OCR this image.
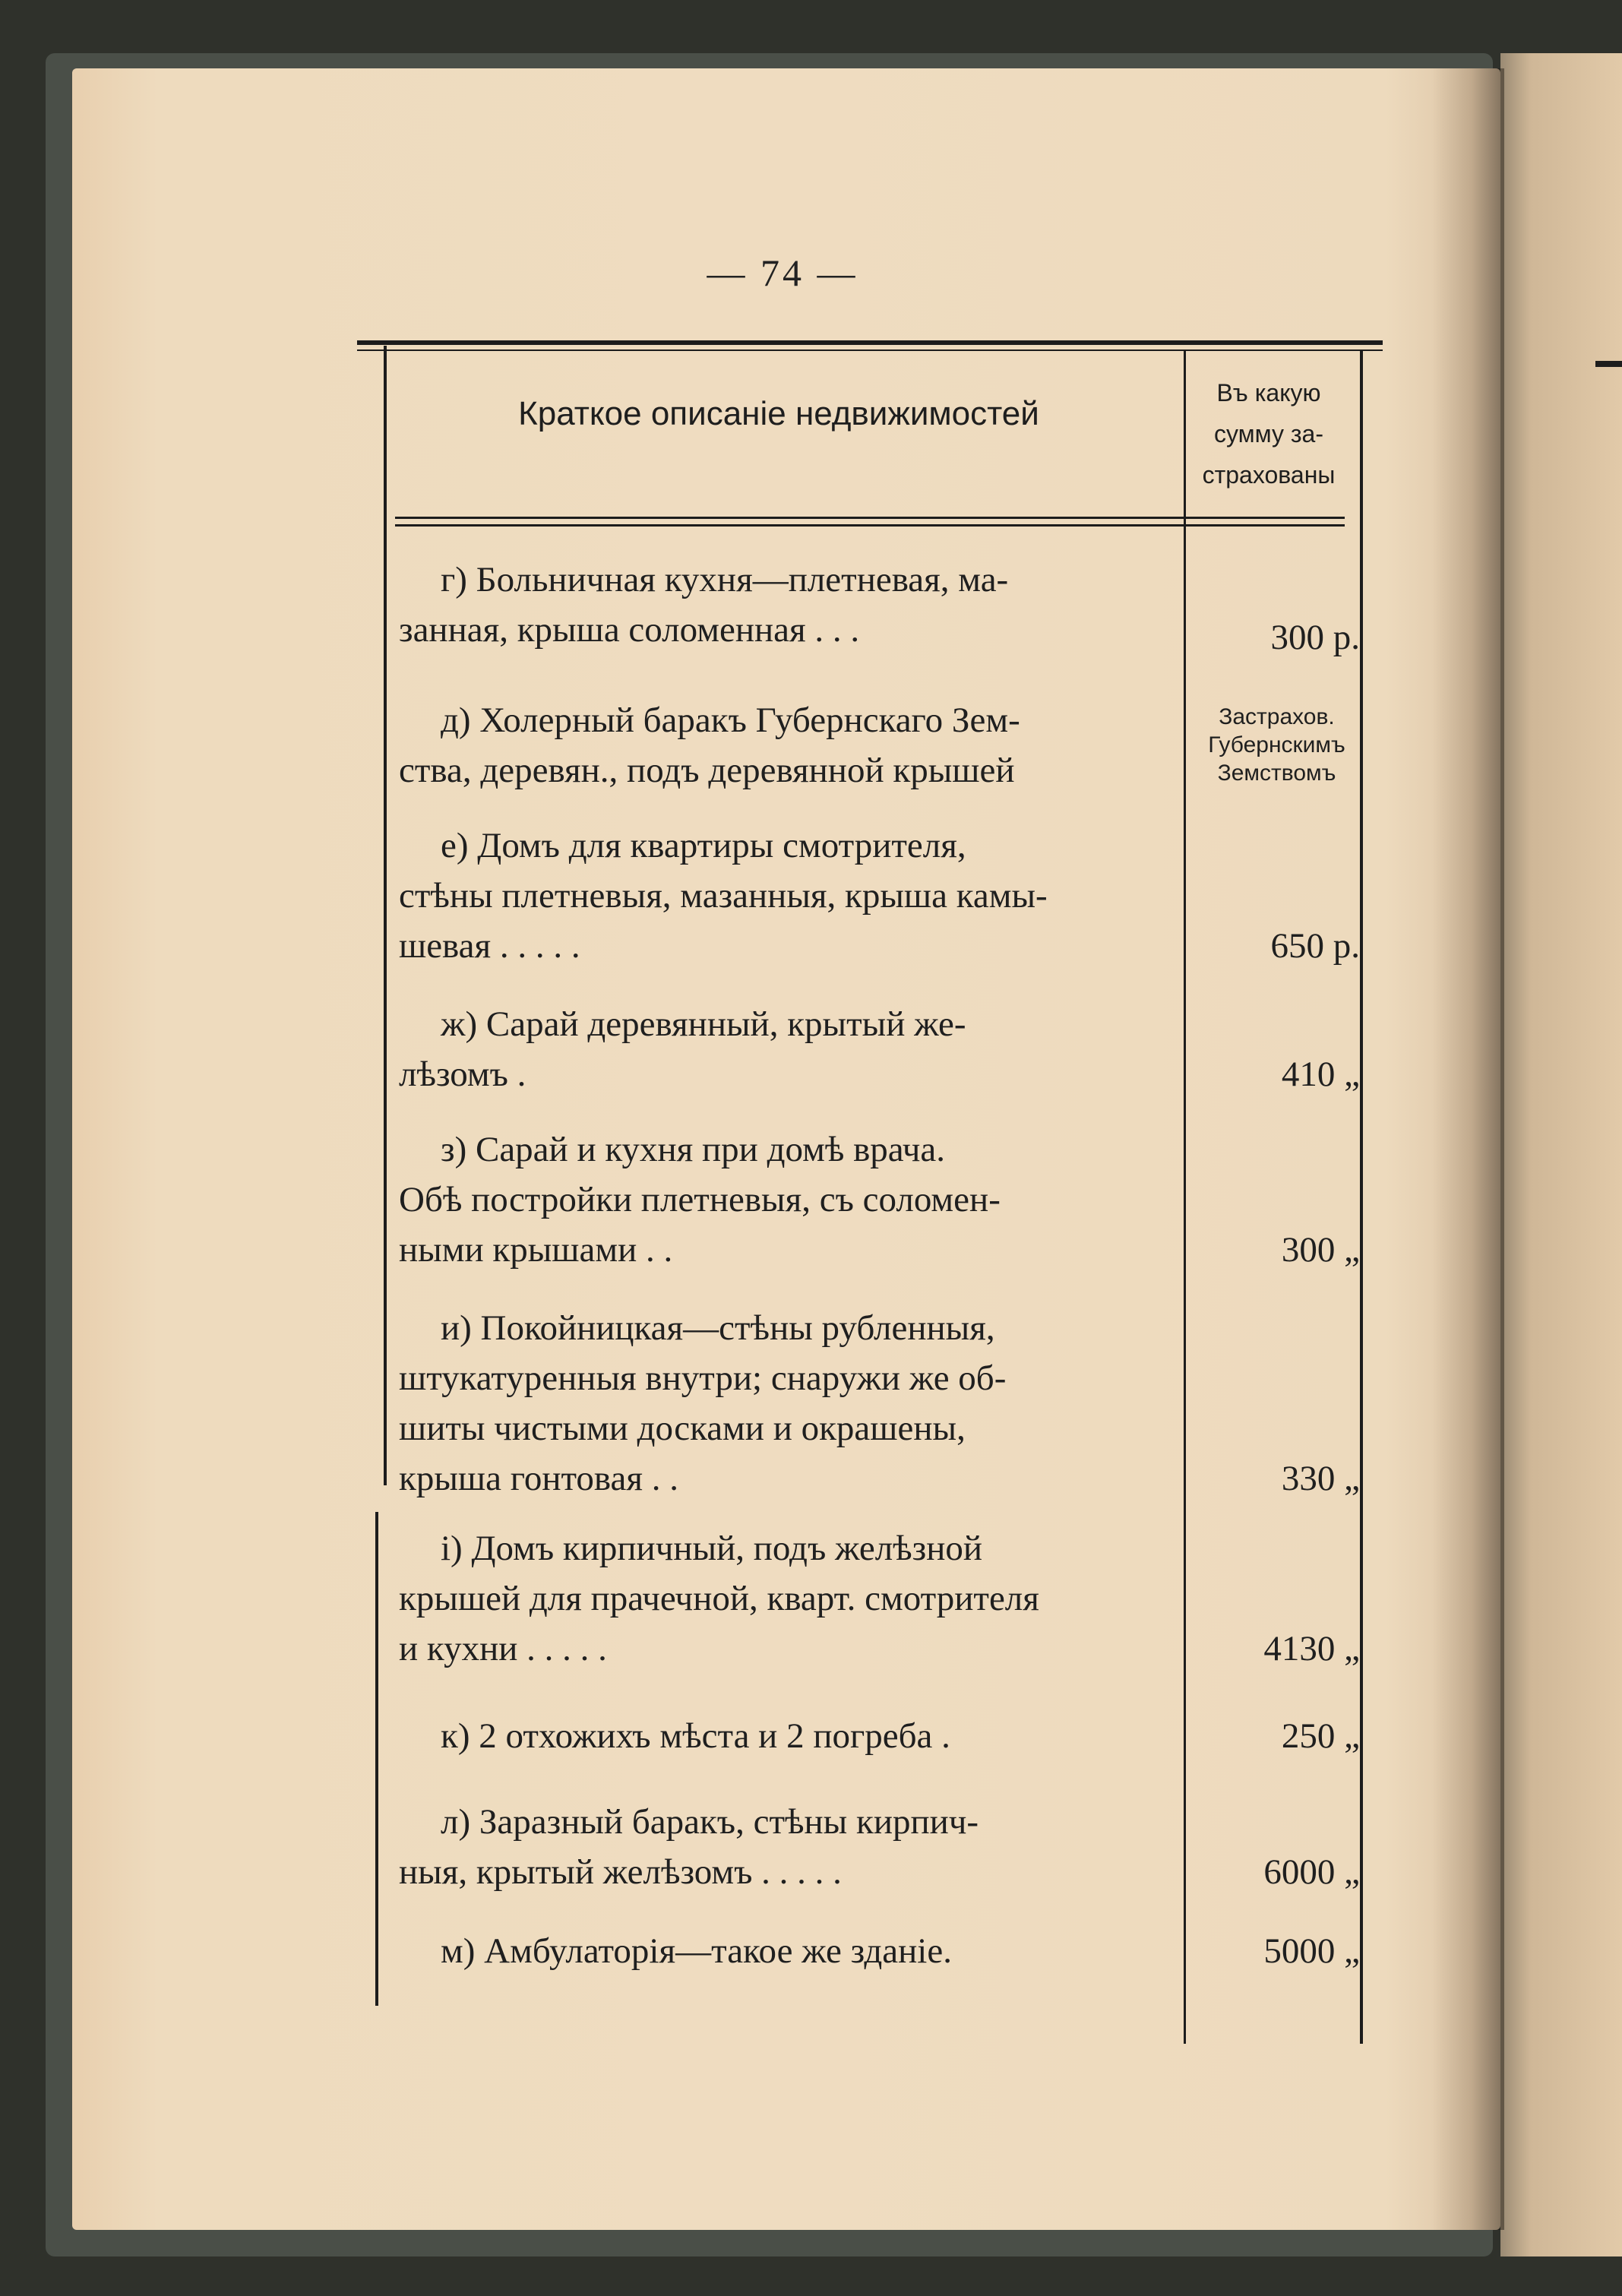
— 74 —
Краткое описаніе недвижимостей
Въ какую
сумму за-
страхованы
г) Больничная кухня—плетневая, ма-
занная, крыша соломенная . . .	300 р.
д) Холерный баракъ Губернскаго Зем-
ства, деревян., подъ деревянной крышей
Застрахов.
Губернскимъ
Земствомъ
е) Домъ для квартиры смотрителя,
стѣны плетневыя, мазанныя, крыша камы-
шевая . . . . .	650 р.
ж) Сарай деревянный, крытый же-
лѣзомъ .	410 „
з) Сарай и кухня при домѣ врача.
Обѣ постройки плетневыя, съ соломен-
ными крышами . .	300 „
и) Покойницкая—стѣны рубленныя,
штукатуренныя внутри; снаружи же об-
шиты чистыми досками и окрашены,
крыша гонтовая . .	330 „
і) Домъ кирпичный, подъ желѣзной
крышей для прачечной, кварт. смотрителя
и кухни . . . . .	4130 „
к) 2 отхожихъ мѣста и 2 погреба .	250 „
л) Заразный баракъ, стѣны кирпич-
ныя, крытый желѣзомъ . . . . .	6000 „
м) Амбулаторія—такое же зданіе.	5000 „
